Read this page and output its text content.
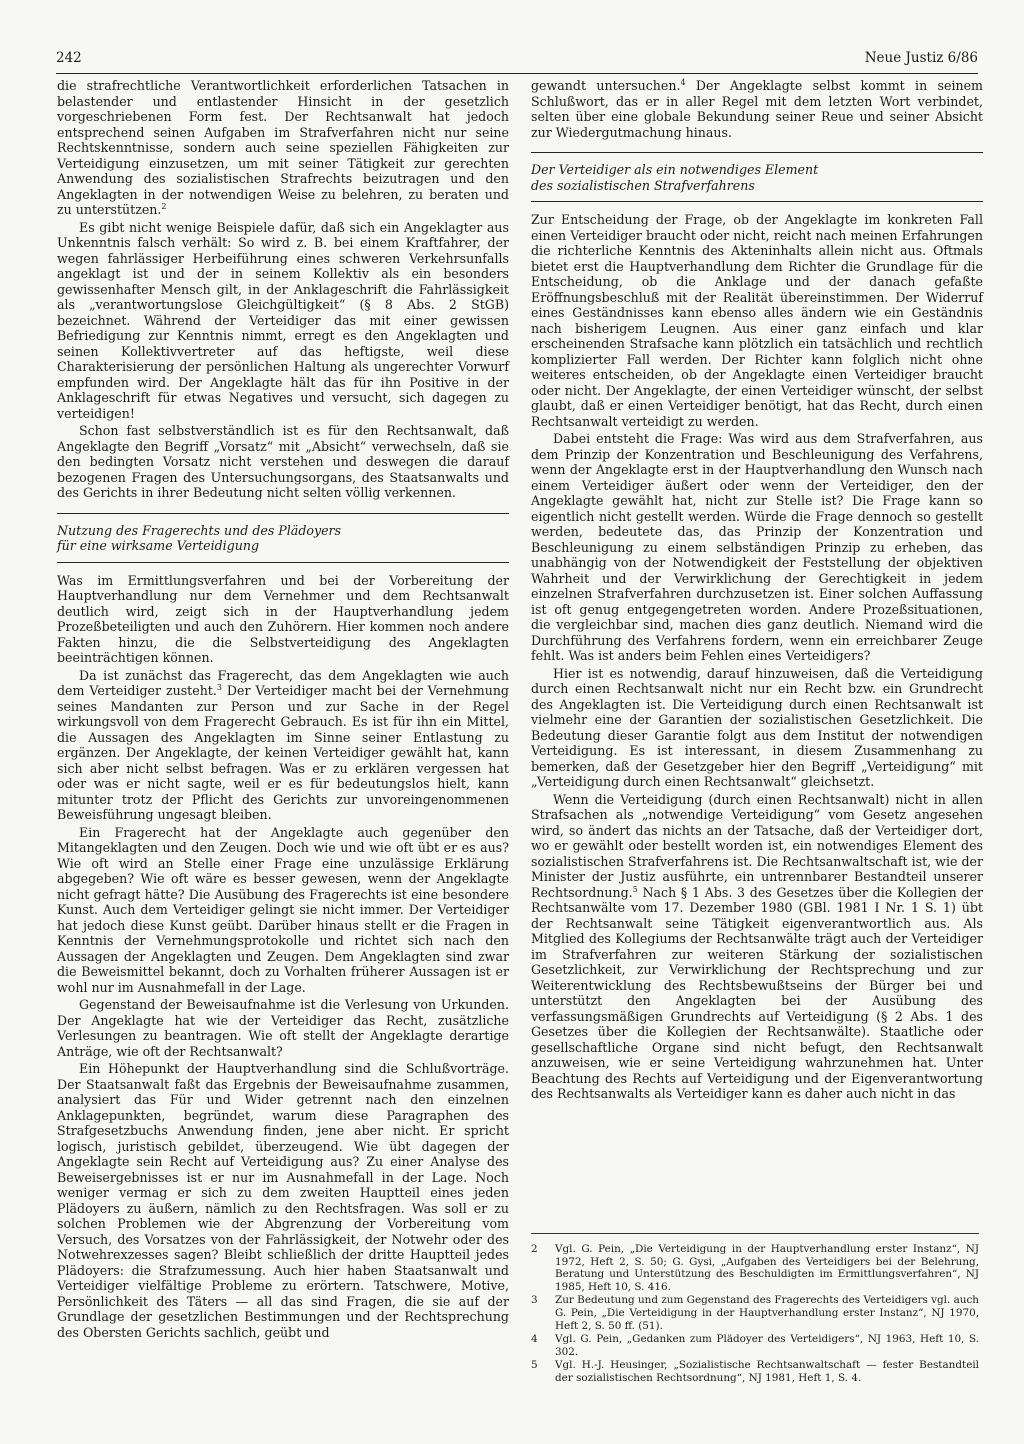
242	Neue Justiz 6/86

die strafrechtliche Verantwortlichkeit erforderlichen Tatsachen in belastender und entlastender Hinsicht in der gesetzlich vorgeschriebenen Form fest. Der Rechtsanwalt hat jedoch entsprechend seinen Aufgaben im Strafverfahren nicht nur seine Rechtskenntnisse, sondern auch seine speziellen Fähigkeiten zur Verteidigung einzusetzen, um mit seiner Tätigkeit zur gerechten Anwendung des sozialistischen Strafrechts beizutragen und den Angeklagten in der notwendigen Weise zu belehren, zu beraten und zu unterstützen.$^2$

Es gibt nicht wenige Beispiele dafür, daß sich ein Angeklagter aus Unkenntnis falsch verhält: So wird z. B. bei einem Kraftfahrer, der wegen fahrlässiger Herbeiführung eines schweren Verkehrsunfalls angeklagt ist und der in seinem Kollektiv als ein besonders gewissenhafter Mensch gilt, in der Anklageschrift die Fahrlässigkeit als „verantwortungslose Gleichgültigkeit“ (§ 8 Abs. 2 StGB) bezeichnet. Während der Verteidiger das mit einer gewissen Befriedigung zur Kenntnis nimmt, erregt es den Angeklagten und seinen Kollektivvertreter auf das heftigste, weil diese Charakterisierung der persönlichen Haltung als ungerechter Vorwurf empfunden wird. Der Angeklagte hält das für ihn Positive in der Anklageschrift für etwas Negatives und versucht, sich dagegen zu verteidigen!

Schon fast selbstverständlich ist es für den Rechtsanwalt, daß Angeklagte den Begriff „Vorsatz“ mit „Absicht“ verwechseln, daß sie den bedingten Vorsatz nicht verstehen und deswegen die darauf bezogenen Fragen des Untersuchungsorgans, des Staatsanwalts und des Gerichts in ihrer Bedeutung nicht selten völlig verkennen.

Nutzung des Fragerechts und des Plädoyers
für eine wirksame Verteidigung

Was im Ermittlungsverfahren und bei der Vorbereitung der Hauptverhandlung nur dem Vernehmer und dem Rechtsanwalt deutlich wird, zeigt sich in der Hauptverhandlung jedem Prozeßbeteiligten und auch den Zuhörern. Hier kommen noch andere Fakten hinzu, die die Selbstverteidigung des Angeklagten beeinträchtigen können.

Da ist zunächst das Fragerecht, das dem Angeklagten wie auch dem Verteidiger zusteht.$^3$ Der Verteidiger macht bei der Vernehmung seines Mandanten zur Person und zur Sache in der Regel wirkungsvoll von dem Fragerecht Gebrauch. Es ist für ihn ein Mittel, die Aussagen des Angeklagten im Sinne seiner Entlastung zu ergänzen. Der Angeklagte, der keinen Verteidiger gewählt hat, kann sich aber nicht selbst befragen. Was er zu erklären vergessen hat oder was er nicht sagte, weil er es für bedeutungslos hielt, kann mitunter trotz der Pflicht des Gerichts zur unvoreingenommenen Beweisführung ungesagt bleiben.

Ein Fragerecht hat der Angeklagte auch gegenüber den Mitangeklagten und den Zeugen. Doch wie und wie oft übt er es aus? Wie oft wird an Stelle einer Frage eine unzulässige Erklärung abgegeben? Wie oft wäre es besser gewesen, wenn der Angeklagte nicht gefragt hätte? Die Ausübung des Fragerechts ist eine besondere Kunst. Auch dem Verteidiger gelingt sie nicht immer. Der Verteidiger hat jedoch diese Kunst geübt. Darüber hinaus stellt er die Fragen in Kenntnis der Vernehmungsprotokolle und richtet sich nach den Aussagen der Angeklagten und Zeugen. Dem Angeklagten sind zwar die Beweismittel bekannt, doch zu Vorhalten früherer Aussagen ist er wohl nur im Ausnahmefall in der Lage.

Gegenstand der Beweisaufnahme ist die Verlesung von Urkunden. Der Angeklagte hat wie der Verteidiger das Recht, zusätzliche Verlesungen zu beantragen. Wie oft stellt der Angeklagte derartige Anträge, wie oft der Rechtsanwalt?

Ein Höhepunkt der Hauptverhandlung sind die Schlußvorträge. Der Staatsanwalt faßt das Ergebnis der Beweisaufnahme zusammen, analysiert das Für und Wider getrennt nach den einzelnen Anklagepunkten, begründet, warum diese Paragraphen des Strafgesetzbuchs Anwendung finden, jene aber nicht. Er spricht logisch, juristisch gebildet, überzeugend. Wie übt dagegen der Angeklagte sein Recht auf Verteidigung aus? Zu einer Analyse des Beweisergebnisses ist er nur im Ausnahmefall in der Lage. Noch weniger vermag er sich zu dem zweiten Hauptteil eines jeden Plädoyers zu äußern, nämlich zu den Rechtsfragen. Was soll er zu solchen Problemen wie der Abgrenzung der Vorbereitung vom Versuch, des Vorsatzes von der Fahrlässigkeit, der Notwehr oder des Notwehrexzesses sagen? Bleibt schließlich der dritte Hauptteil jedes Plädoyers: die Strafzumessung. Auch hier haben Staatsanwalt und Verteidiger vielfältige Probleme zu erörtern. Tatschwere, Motive, Persönlichkeit des Täters — all das sind Fragen, die sie auf der Grundlage der gesetzlichen Bestimmungen und der Rechtsprechung des Obersten Gerichts sachlich, geübt und

gewandt untersuchen.$^4$ Der Angeklagte selbst kommt in seinem Schlußwort, das er in aller Regel mit dem letzten Wort verbindet, selten über eine globale Bekundung seiner Reue und seiner Absicht zur Wiedergutmachung hinaus.

Der Verteidiger als ein notwendiges Element
des sozialistischen Strafverfahrens

Zur Entscheidung der Frage, ob der Angeklagte im konkreten Fall einen Verteidiger braucht oder nicht, reicht nach meinen Erfahrungen die richterliche Kenntnis des Akteninhalts allein nicht aus. Oftmals bietet erst die Hauptverhandlung dem Richter die Grundlage für die Entscheidung, ob die Anklage und der danach gefaßte Eröffnungsbeschluß mit der Realität übereinstimmen. Der Widerruf eines Geständnisses kann ebenso alles ändern wie ein Geständnis nach bisherigem Leugnen. Aus einer ganz einfach und klar erscheinenden Strafsache kann plötzlich ein tatsächlich und rechtlich komplizierter Fall werden. Der Richter kann folglich nicht ohne weiteres entscheiden, ob der Angeklagte einen Verteidiger braucht oder nicht. Der Angeklagte, der einen Verteidiger wünscht, der selbst glaubt, daß er einen Verteidiger benötigt, hat das Recht, durch einen Rechtsanwalt verteidigt zu werden.

Dabei entsteht die Frage: Was wird aus dem Strafverfahren, aus dem Prinzip der Konzentration und Beschleunigung des Verfahrens, wenn der Angeklagte erst in der Hauptverhandlung den Wunsch nach einem Verteidiger äußert oder wenn der Verteidiger, den der Angeklagte gewählt hat, nicht zur Stelle ist? Die Frage kann so eigentlich nicht gestellt werden. Würde die Frage dennoch so gestellt werden, bedeutete das, das Prinzip der Konzentration und Beschleunigung zu einem selbständigen Prinzip zu erheben, das unabhängig von der Notwendigkeit der Feststellung der objektiven Wahrheit und der Verwirklichung der Gerechtigkeit in jedem einzelnen Strafverfahren durchzusetzen ist. Einer solchen Auffassung ist oft genug entgegengetreten worden. Andere Prozeßsituationen, die vergleichbar sind, machen dies ganz deutlich. Niemand wird die Durchführung des Verfahrens fordern, wenn ein erreichbarer Zeuge fehlt. Was ist anders beim Fehlen eines Verteidigers?

Hier ist es notwendig, darauf hinzuweisen, daß die Verteidigung durch einen Rechtsanwalt nicht nur ein Recht bzw. ein Grundrecht des Angeklagten ist. Die Verteidigung durch einen Rechtsanwalt ist vielmehr eine der Garantien der sozialistischen Gesetzlichkeit. Die Bedeutung dieser Garantie folgt aus dem Institut der notwendigen Verteidigung. Es ist interessant, in diesem Zusammenhang zu bemerken, daß der Gesetzgeber hier den Begriff „Verteidigung“ mit „Verteidigung durch einen Rechtsanwalt“ gleichsetzt.

Wenn die Verteidigung (durch einen Rechtsanwalt) nicht in allen Strafsachen als „notwendige Verteidigung“ vom Gesetz angesehen wird, so ändert das nichts an der Tatsache, daß der Verteidiger dort, wo er gewählt oder bestellt worden ist, ein notwendiges Element des sozialistischen Strafverfahrens ist. Die Rechtsanwaltschaft ist, wie der Minister der Justiz ausführte, ein untrennbarer Bestandteil unserer Rechtsordnung.$^5$ Nach § 1 Abs. 3 des Gesetzes über die Kollegien der Rechtsanwälte vom 17. Dezember 1980 (GBl. 1981 I Nr. 1 S. 1) übt der Rechtsanwalt seine Tätigkeit eigenverantwortlich aus. Als Mitglied des Kollegiums der Rechtsanwälte trägt auch der Verteidiger im Strafverfahren zur weiteren Stärkung der sozialistischen Gesetzlichkeit, zur Verwirklichung der Rechtsprechung und zur Weiterentwicklung des Rechtsbewußtseins der Bürger bei und unterstützt den Angeklagten bei der Ausübung des verfassungsmäßigen Grundrechts auf Verteidigung (§ 2 Abs. 1 des Gesetzes über die Kollegien der Rechtsanwälte). Staatliche oder gesellschaftliche Organe sind nicht befugt, den Rechtsanwalt anzuweisen, wie er seine Verteidigung wahrzunehmen hat. Unter Beachtung des Rechts auf Verteidigung und der Eigenverantwortung des Rechtsanwalts als Verteidiger kann es daher auch nicht in das

2 Vgl. G. Pein, „Die Verteidigung in der Hauptverhandlung erster Instanz“, NJ 1972, Heft 2, S. 50; G. Gysi, „Aufgaben des Verteidigers bei der Belehrung, Beratung und Unterstützung des Beschuldigten im Ermittlungsverfahren“, NJ 1985, Heft 10, S. 416.
3 Zur Bedeutung und zum Gegenstand des Fragerechts des Verteidigers vgl. auch G. Pein, „Die Verteidigung in der Hauptverhandlung erster Instanz“, NJ 1970, Heft 2, S. 50 ff. (51).
4 Vgl. G. Pein, „Gedanken zum Plädoyer des Verteidigers“, NJ 1963, Heft 10, S. 302.
5 Vgl. H.-J. Heusinger, „Sozialistische Rechtsanwaltschaft — fester Bestandteil der sozialistischen Rechtsordnung“, NJ 1981, Heft 1, S. 4.
